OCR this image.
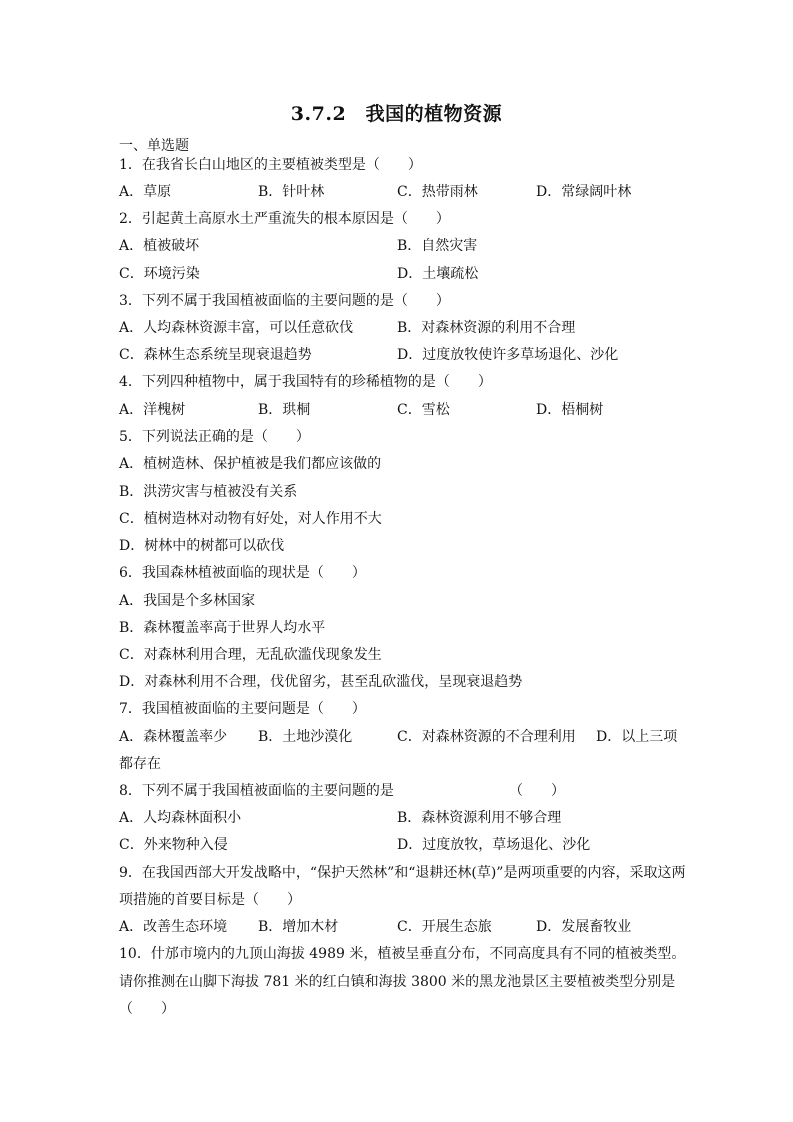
3.7.2　我国的植物资源
一、单选题
1．在我省长白山地区的主要植被类型是（　　）
A．草原	B．针叶林	C．热带雨林	D．常绿阔叶林
2．引起黄土高原水土严重流失的根本原因是（　　）
A．植被破坏	B．自然灾害
C．环境污染	D．土壤疏松
3．下列不属于我国植被面临的主要问题的是（　　）
A．人均森林资源丰富，可以任意砍伐	B．对森林资源的利用不合理
C．森林生态系统呈现衰退趋势	D．过度放牧使许多草场退化、沙化
4．下列四种植物中，属于我国特有的珍稀植物的是（　　）
A．洋槐树	B．珙桐	C．雪松	D．梧桐树
5．下列说法正确的是（　　）
A．植树造林、保护植被是我们都应该做的
B．洪涝灾害与植被没有关系
C．植树造林对动物有好处，对人作用不大
D．树林中的树都可以砍伐
6．我国森林植被面临的现状是（　　）
A．我国是个多林国家
B．森林覆盖率高于世界人均水平
C．对森林利用合理，无乱砍滥伐现象发生
D．对森林利用不合理，伐优留劣，甚至乱砍滥伐，呈现衰退趋势
7．我国植被面临的主要问题是（　　）
A．森林覆盖率少 B．土地沙漠化	C．对森林资源的不合理利用 D．以上三项
都存在
8．下列不属于我国植被面临的主要问题的是	（　　）
A．人均森林面积小	B．森林资源利用不够合理
C．外来物种入侵	D．过度放牧，草场退化、沙化
9．在我国西部大开发战略中，“保护天然林”和“退耕还林(草)”是两项重要的内容，采取这两
项措施的首要目标是（　　）
A．改善生态环境 B．增加木材	C．开展生态旅	D．发展畜牧业
10．什邡市境内的九顶山海拔 4989 米，植被呈垂直分布，不同高度具有不同的植被类型。
请你推测在山脚下海拔 781 米的红白镇和海拔 3800 米的黑龙池景区主要植被类型分别是
（　　）
